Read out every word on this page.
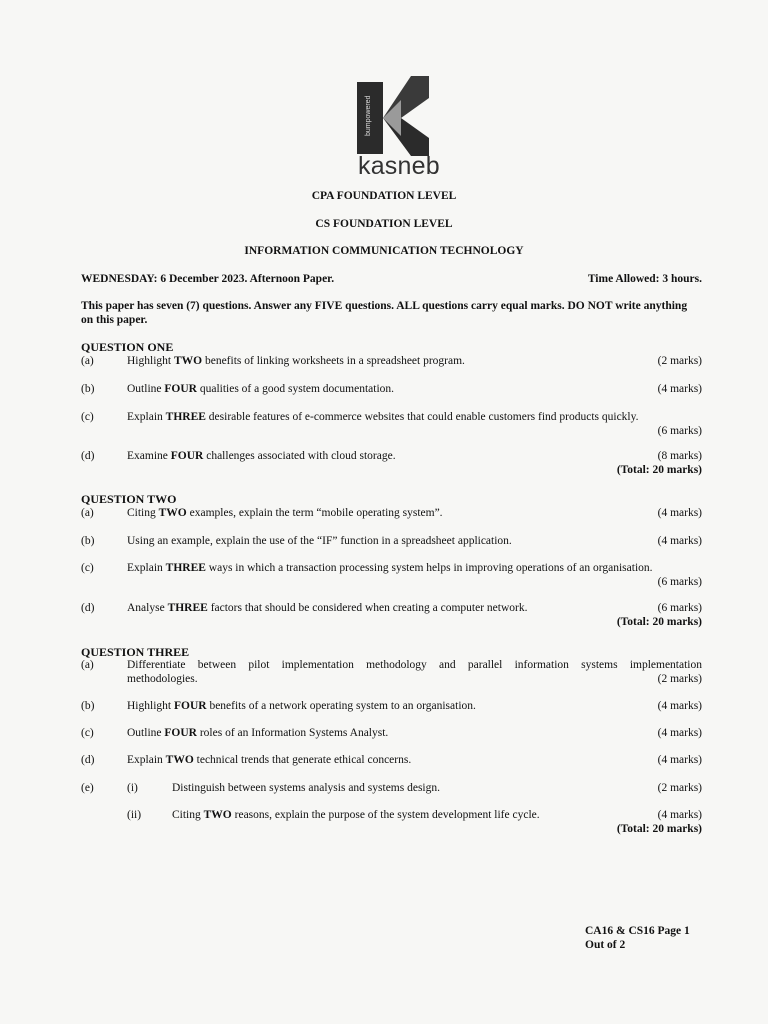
bumpowered
kasneb
CPA FOUNDATION LEVEL
CS FOUNDATION LEVEL
INFORMATION COMMUNICATION TECHNOLOGY
WEDNESDAY: 6 December 2023. Afternoon Paper.	Time Allowed: 3 hours.
This paper has seven (7) questions. Answer any FIVE questions. ALL questions carry equal marks. DO NOT write anything on this paper.
QUESTION ONE
(a)	Highlight TWO benefits of linking worksheets in a spreadsheet program.	(2 marks)
(b)	Outline FOUR qualities of a good system documentation.	(4 marks)
(c)	Explain THREE desirable features of e-commerce websites that could enable customers find products quickly.
(6 marks)
(d)	Examine FOUR challenges associated with cloud storage.	(8 marks)
(Total: 20 marks)
QUESTION TWO
(a)	Citing TWO examples, explain the term “mobile operating system”.	(4 marks)
(b)	Using an example, explain the use of the “IF” function in a spreadsheet application.	(4 marks)
(c)	Explain THREE ways in which a transaction processing system helps in improving operations of an organisation.
(6 marks)
(d)	Analyse THREE factors that should be considered when creating a computer network.	(6 marks)
(Total: 20 marks)
QUESTION THREE
(a)	Differentiate between pilot implementation methodology and parallel information systems implementation
methodologies.	(2 marks)
(b)	Highlight FOUR benefits of a network operating system to an organisation.	(4 marks)
(c)	Outline FOUR roles of an Information Systems Analyst.	(4 marks)
(d)	Explain TWO technical trends that generate ethical concerns.	(4 marks)
(e)	(i)	Distinguish between systems analysis and systems design.	(2 marks)
(ii)	Citing TWO reasons, explain the purpose of the system development life cycle.	(4 marks)
(Total: 20 marks)
CA16 & CS16 Page 1
Out of 2
